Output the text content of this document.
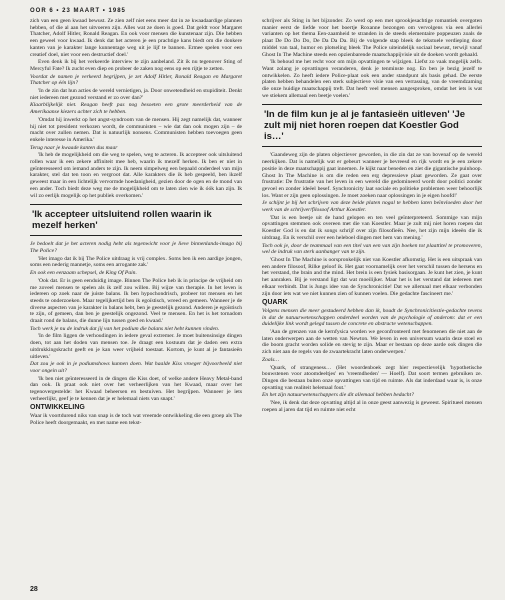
OOR 6 • 23 MAART • 1985

zich van een geen kwaad bewust. Ze zien zelf niet eens meer dat in ze kwaadaardige plannen hebben, of die al aan het uitvoeren zijn. Alles wat ze doen is goed. Dat geldt voor Margaret Thatcher, Adolf Hitler, Ronald Reagan. En ook voor mensen die kunstenaar zijn. Die hebben een geweel voor kwaad. Ik denk dat het acteren je een prachtige kans biedt om die donkere kanten van je karakter lange kunnentage weg uit je lijf te bannen. Ermee spelen voor een creatief doel, niet voor een destructief doel.'

Even denk ik bij het verkeerde interview te zijn aanbeland. Zit ik nu tegenover Sting of Mercyful Fate? Ik zucht even diep en probeer de zaken nog eens op een rijtje te zetten.

Voordat de namen je verkeerd begrijpen, je zet Adolf Hitler, Ronald Reagan en Margaret Thatcher op één lijn?

'In de zin dat hun acties de wereld vernietigen, ja. Door onwetendheid en stupiditeit. Denkt niet iedereen met gezond verstand er zo over dan?'

Klaarblijkelijk niet. Reagan heeft pas nog besoeten een grote meerderheid van de Amerikaanse kiezers achter zich te hebben.

'Omdat hij inwerkt op het angst-syndroom van de mensen. Hij zegt namelijk dat, wanneer hij niet tot president verkozen wordt, de communisten – wie dat dan ook mogen zijn – de macht over zullen nemen. Dat is natuurlijk nonsens. Communisten hebben toevoegen geen enkele interesse in Amerika.'

Terug naar je kwaade kanten dus maar

'Ik heb de mogelijkheid om die weg te spelen, weg te acteren. Ik accepteer ook uitsluitend rollen waar ik een zekere affiniteit mee heb, waarin ik mezelf herken. Ik ben er niet in geïnteresseerd om iemand anders te zijn. Ik neem simpelweg een bepaald onderdeel van mijn karakter, stel dat ten toon en vergroot dat. Alle karakters die ik heb gespeeld, ben ikzelf geweest maar in een lichtelijk vervormde hoedanigheid, gezien door de ogen en de mond van een ander. Toch biedt deze weg me de mogelijkheid om te laten zien wie ik óók kan zijn. Ik wil zo eerlijk mogelijk op het publiek overkomen.'

'Ik accepteer uitsluitend rollen waarin ik mezelf herken'

Je bedoelt dat je het acteren nodig hebt als tegenwicht voor je lieve binnenlands-imago bij The Police?

'Het imago dat ik bij The Police uitdraag is vrij complex. Soms ben ik een aardige jongen, soms een nederig mannetje, soms een arrogante zak.'

En ook een eenzaam schepsel, de King Of Pain.

'Ook dat. Er is geen eenduidig image. Binnen The Police heb ik in principe de vrijheid om me zoveel mensen te spelen als ik zelf zou willen. Bij wijze van therapie. In het leven is iedereen op zoek naar de juiste balans. Ik ben hypochondrisch, probeer tot mensen en het steeds te onderzoeken. Maar tegelijkertijd ben ik egoïstisch, wreed en gemeen. Wanneer je de diverse aspecten van je karakter in balans hebt, ben je geestelijk gezond. Anderen je egoïstisch te zijn, of gemeen, dan ben je geestelijk ongezond. Veel te mensen. En het is het tornadom draait rond de balans, die dunne lijn tussen goed en kwaad.'

Toch werk je nu de indruk dat jij van het podium die balans niet hebt kunnen vinden.

'In de film liggen de verhoudingen in iedere geval extremer. Je moet buitensinsige dingen doen, tot aan het doden van mensen toe. Je draagt een kostuum dat je daden een extra uitdrukkingskracht geeft en je kan weer vrijheid toestaat. Kortom, je kunt al je fantasieën uitleven.'

Dat zou je ook in je podiumshows kunnen doen. Wat haalde Kiss vroeger bijvoorbeeld niet voor ongein uit?

'Ik ben niet geïnteresseerd in de dingen die Kiss doet, of welke andere Heavy Metal-band dan ook. Ik praat ook niet over het verheerlijken van het Kwaad, maar over het tegenovergestelde: het Kwaad beheersen en bestuiven. Het begrijpen. Wanneer je iets verheerlijkt, geef je te kennen dat je er helemaal niets van snapt.'

ONTWIKKELING

Waar ik voortdurend niks van snap is de toch wat vreemde ontwikkeling die een groep als The Police heeft doorgemaakt, en met name een tekst-

schrijver als Sting in het bijzonder. Zo werd op een met sprookjesachtige romantiek overgoten manier eerst de liefde voor het boertje Roxanne bezongen om vervolgens via een allerlei varianten op het thema Een-zaamheid te stranden in de steeds elementaire poppeuzen zoals de plaat De Do Do Do, De Da Da Da. Bij de volgende stap bleek de tekstuele verdieping door middel van taal, humor en plotseling bleek The Police uiteindelijk sociaal bewust, terwijl vanaf Ghost In The Machine steeds een opzienbarende maatschappijvisie uit de doeken wordt gehaald.

'Ik behoud me het recht voor om mijn opvattingen te wijzigen. Liefst zo vaak mogelijk zelfs. Want zolang je opvattingen veranderen, denk je tenminste nog. En ben je bezig jezelf te ontwikkelen. Zo heeft iedere Police-plaat ook een ander standpunt als basis gehad. De eerste platen hebben behandelen een sterk subjectieve visie van een verrassing, van de vreemdzaming die onze huidige maatschappij treft. Dat heeft veel mensen aangesproken, omdat het iets is wat we stiekem allemaal een beetje voelen.'

'In de film kun je al je fantasieën uitleven' 'Je zult mij niet horen roepen dat Koestler God is…'

'Gaandeweg zijn de platen objectiever geworden, in die zin dat ze van bovenaf op de wereld neerkijken. Dat is namelijk wat er gebeurt wanneer je bevreesd en rijk wordt en je een zekere positie in deze maatschappij gaat innemen. Je kijkt naar beneden en ziet die gigantische puinhoop. Ghost In The Machine is om die reden een erg depressieve plaat geworden. Ze gaat over frustratie: De frustratie van het leven in een wereld die gedomineerd wordt door politici zonder gevoel en zonder ideëel besef. Synchronicity laat sociale en politieke problemen weer behoorlijk los. Want er zijn geen oplossingen. Je moet zoeken naar oplossingen in je eigen hoofd!'

Je schijnt je bij het schrijven van deze beide platen nogal te hebben laten beïnvloeden door het werk van de schrijver/filosoof Arthur Koestler.

'Dat is een beetje uit de hand gelopen en ten veel geïnterpreteerd. Sommige van mijn opvattingen stemmen ook overeen met die van Koestler. Maar je zult mij niet horen roepen dat Koestler God is en dat ik songs schrijf over zijn filosofieën. Nee, het zijn mijn ideeën die ik uitdraag. En ik verschil over een heleboel dingen met hem van mening.'

Toch ook je, door de teammaal van een titel van een van zijn boeken tot plaattitel te promoveren, wel de indruk van sterk aanhanger van te zijn.

'Ghost In The Machine is oorspronkelijk niet van Koestler afkomstig. Het is een uitspraak van een andere filosoof, Rilke geloof ik. Het gaat voornamelijk over het verschil tussen de hersens en het verstand, the brain and the mind. Het brein is een fysiek basisorgaan. Je kunt het zien, je kunt het aanraken. Bij je verstand ligt dat wat moeilijker. Maar het is het verstand dat iedereen met elkaar verbindt. Dat is Jungs idee van de Synchronicitie! Dat we allemaal met elkaar verbonden zijn door iets wat we niet kunnen zien of kunnen voelen. Die gedachte fascineert me.'

QUARK

Volgens mensen die meer gestudeerd hebben dan ik, houdt de Synchronicitiestie-gedachte tevens in dat de natuurwetenschappen onderdeel worden van de psychologie of anderom: dat er een duidelijke link wordt gelegd tussen de concrete en abstracte wetenschappen.

'Aan de grenzen van de kernfysica worden we geconfronteerd met fenomenen die niet aan de laten onderwerpen aan de wetten van Newton. We leven in een universum waarin deze stoel en die boom gracht worden solide en stevig te zijn. Maar er bestaan op deze aarde ook dingen die zich niet aan de regels van de zwaartekracht laten onderwerpen.'

Zoals…

'Quark, of strangeness… (Het woordenboek zegt hier respectievelijk 'hypothetische bouwstenen voor atoomdeeltjes' en 'vreemdheden' — Hoelf). Dat soort termen gebruiken ze. Dingen die bestaan buiten onze opvattingen van tijd en ruimte. Als dat inderdaad waar is, is onze opvatting van realiteit helemaal fout.'

En het zijn natuurwetenschappers die dit allemaal hebben bedacht?

'Nee, ik denk dat deze opvatting altijd al in onze geest aanwezig is geweest. Spiritueel mensen roepen al jaren dat tijd en ruimte niet echt

28
